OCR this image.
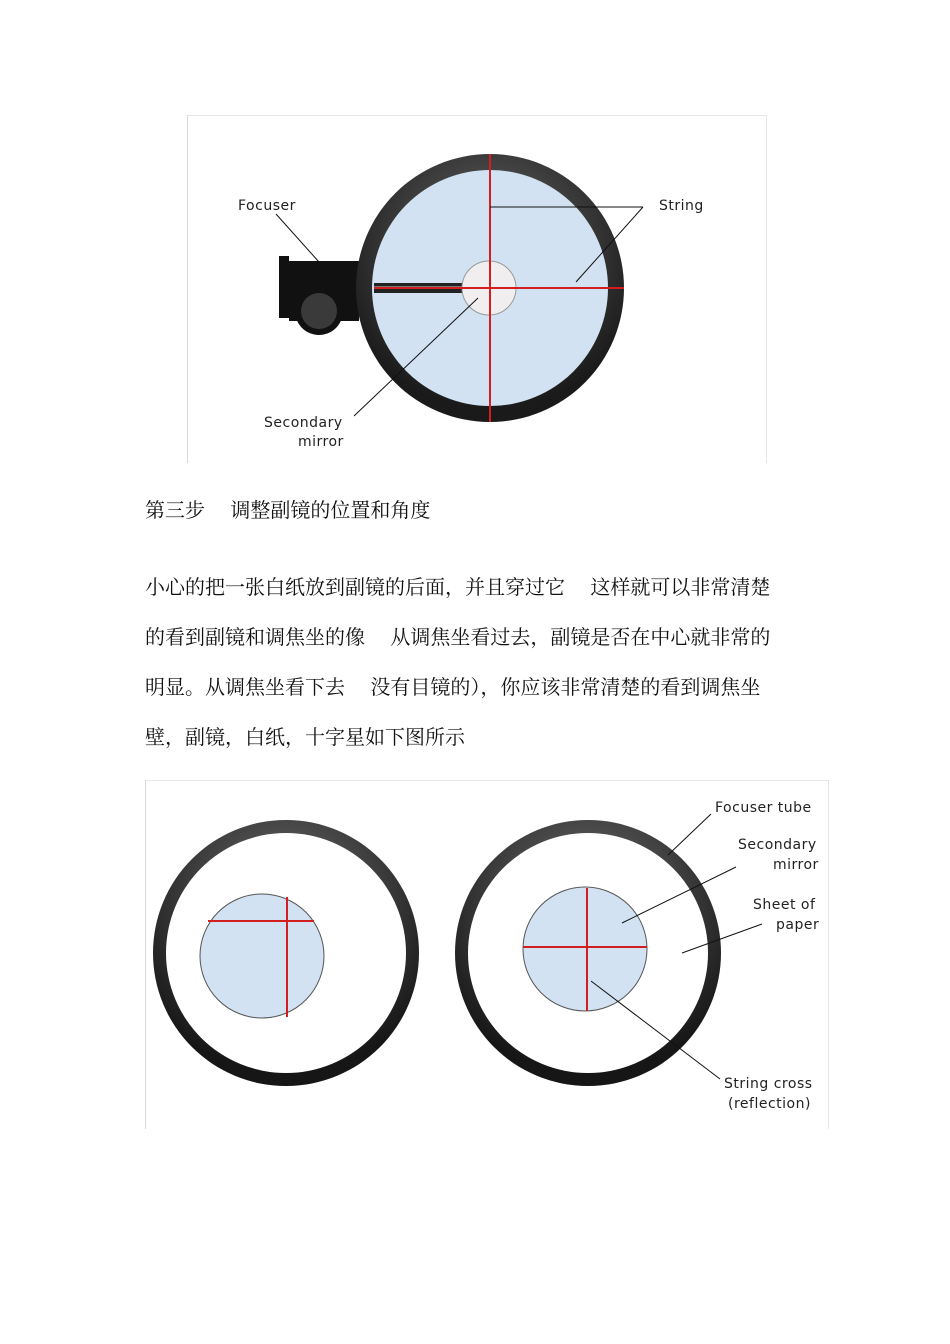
Focuser	String
Secondary
mirror
第三步    调整副镜的位置和角度
小心的把一张白纸放到副镜的后面，并且穿过它    这样就可以非常清楚
的看到副镜和调焦坐的像    从调焦坐看过去，副镜是否在中心就非常的
明显。从调焦坐看下去    没有目镜的），你应该非常清楚的看到调焦坐
壁，副镜，白纸，十字星如下图所示
Focuser tube
Secondary
mirror
Sheet of
paper
String cross
(reflection)
